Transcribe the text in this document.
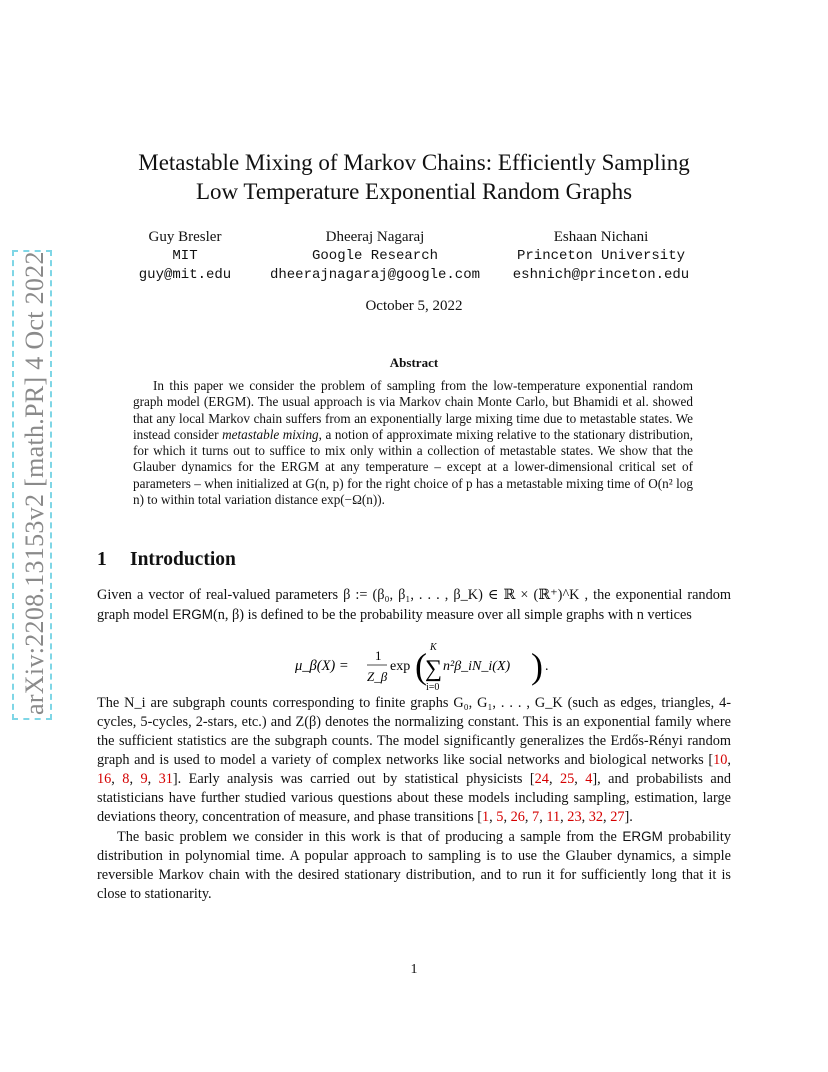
arXiv:2208.13153v2 [math.PR] 4 Oct 2022
Metastable Mixing of Markov Chains: Efficiently Sampling
Low Temperature Exponential Random Graphs
Guy Bresler
MIT
guy@mit.edu
Dheeraj Nagaraj
Google Research
dheerajnagaraj@google.com
Eshaan Nichani
Princeton University
eshnich@princeton.edu
October 5, 2022
Abstract

In this paper we consider the problem of sampling from the low-temperature exponential random graph model (ERGM). The usual approach is via Markov chain Monte Carlo, but Bhamidi et al. showed that any local Markov chain suffers from an exponentially large mixing time due to metastable states. We instead consider metastable mixing, a notion of approximate mixing relative to the stationary distribution, for which it turns out to suffice to mix only within a collection of metastable states. We show that the Glauber dynamics for the ERGM at any temperature – except at a lower-dimensional critical set of parameters – when initialized at G(n, p) for the right choice of p has a metastable mixing time of O(n² log n) to within total variation distance exp(−Ω(n)).

1 Introduction

Given a vector of real-valued parameters β := (β₀, β₁, . . . , β_K) ∈ ℝ × (ℝ⁺)^K , the exponential random graph model ERGM(n, β) is defined to be the probability measure over all simple graphs with n vertices

μ_β(X) =
1
Z_β
exp ( K
∑
i=0
n²β_iN_i(X) ) .

The N_i are subgraph counts corresponding to finite graphs G₀, G₁, . . . , G_K (such as edges, triangles, 4-cycles, 5-cycles, 2-stars, etc.) and Z(β) denotes the normalizing constant. This is an exponential family where the sufficient statistics are the subgraph counts. The model significantly generalizes the Erdős-Rényi random graph and is used to model a variety of complex networks like social networks and biological networks [10, 16, 8, 9, 31]. Early analysis was carried out by statistical physicists [24, 25, 4], and probabilists and statisticians have further studied various questions about these models including sampling, estimation, large deviations theory, concentration of measure, and phase transitions [1, 5, 26, 7, 11, 23, 32, 27].

The basic problem we consider in this work is that of producing a sample from the ERGM probability distribution in polynomial time. A popular approach to sampling is to use the Glauber dynamics, a simple reversible Markov chain with the desired stationary distribution, and to run it for sufficiently long that it is close to stationarity.

1
